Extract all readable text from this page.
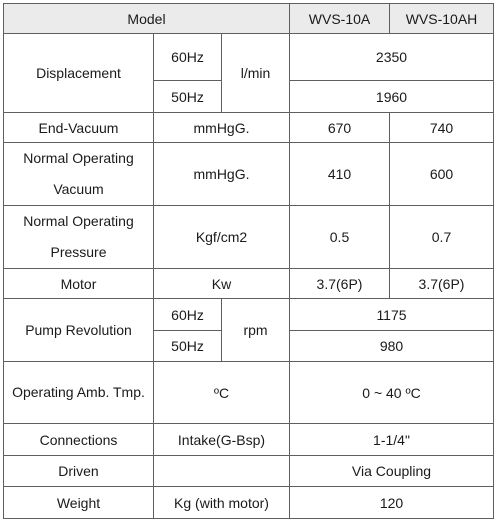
Model			WVS-10A	WVS-10AH
Displacement	60Hz	l/min	2350	
	50Hz		1960	
End-Vacuum	mmHgG.		670	740
Normal Operating Vacuum	mmHgG.		410	600
Normal Operating Pressure	Kgf/cm2		0.5	0.7
Motor	Kw		3.7(6P)	3.7(6P)
Pump Revolution	60Hz	rpm	1175	
	50Hz		980	
Operating Amb. Tmp.	ºC		0 ~ 40 ºC	
Connections	Intake(G-Bsp)		1-1/4"	
Driven			Via Coupling	
Weight	Kg (with motor)		120	
